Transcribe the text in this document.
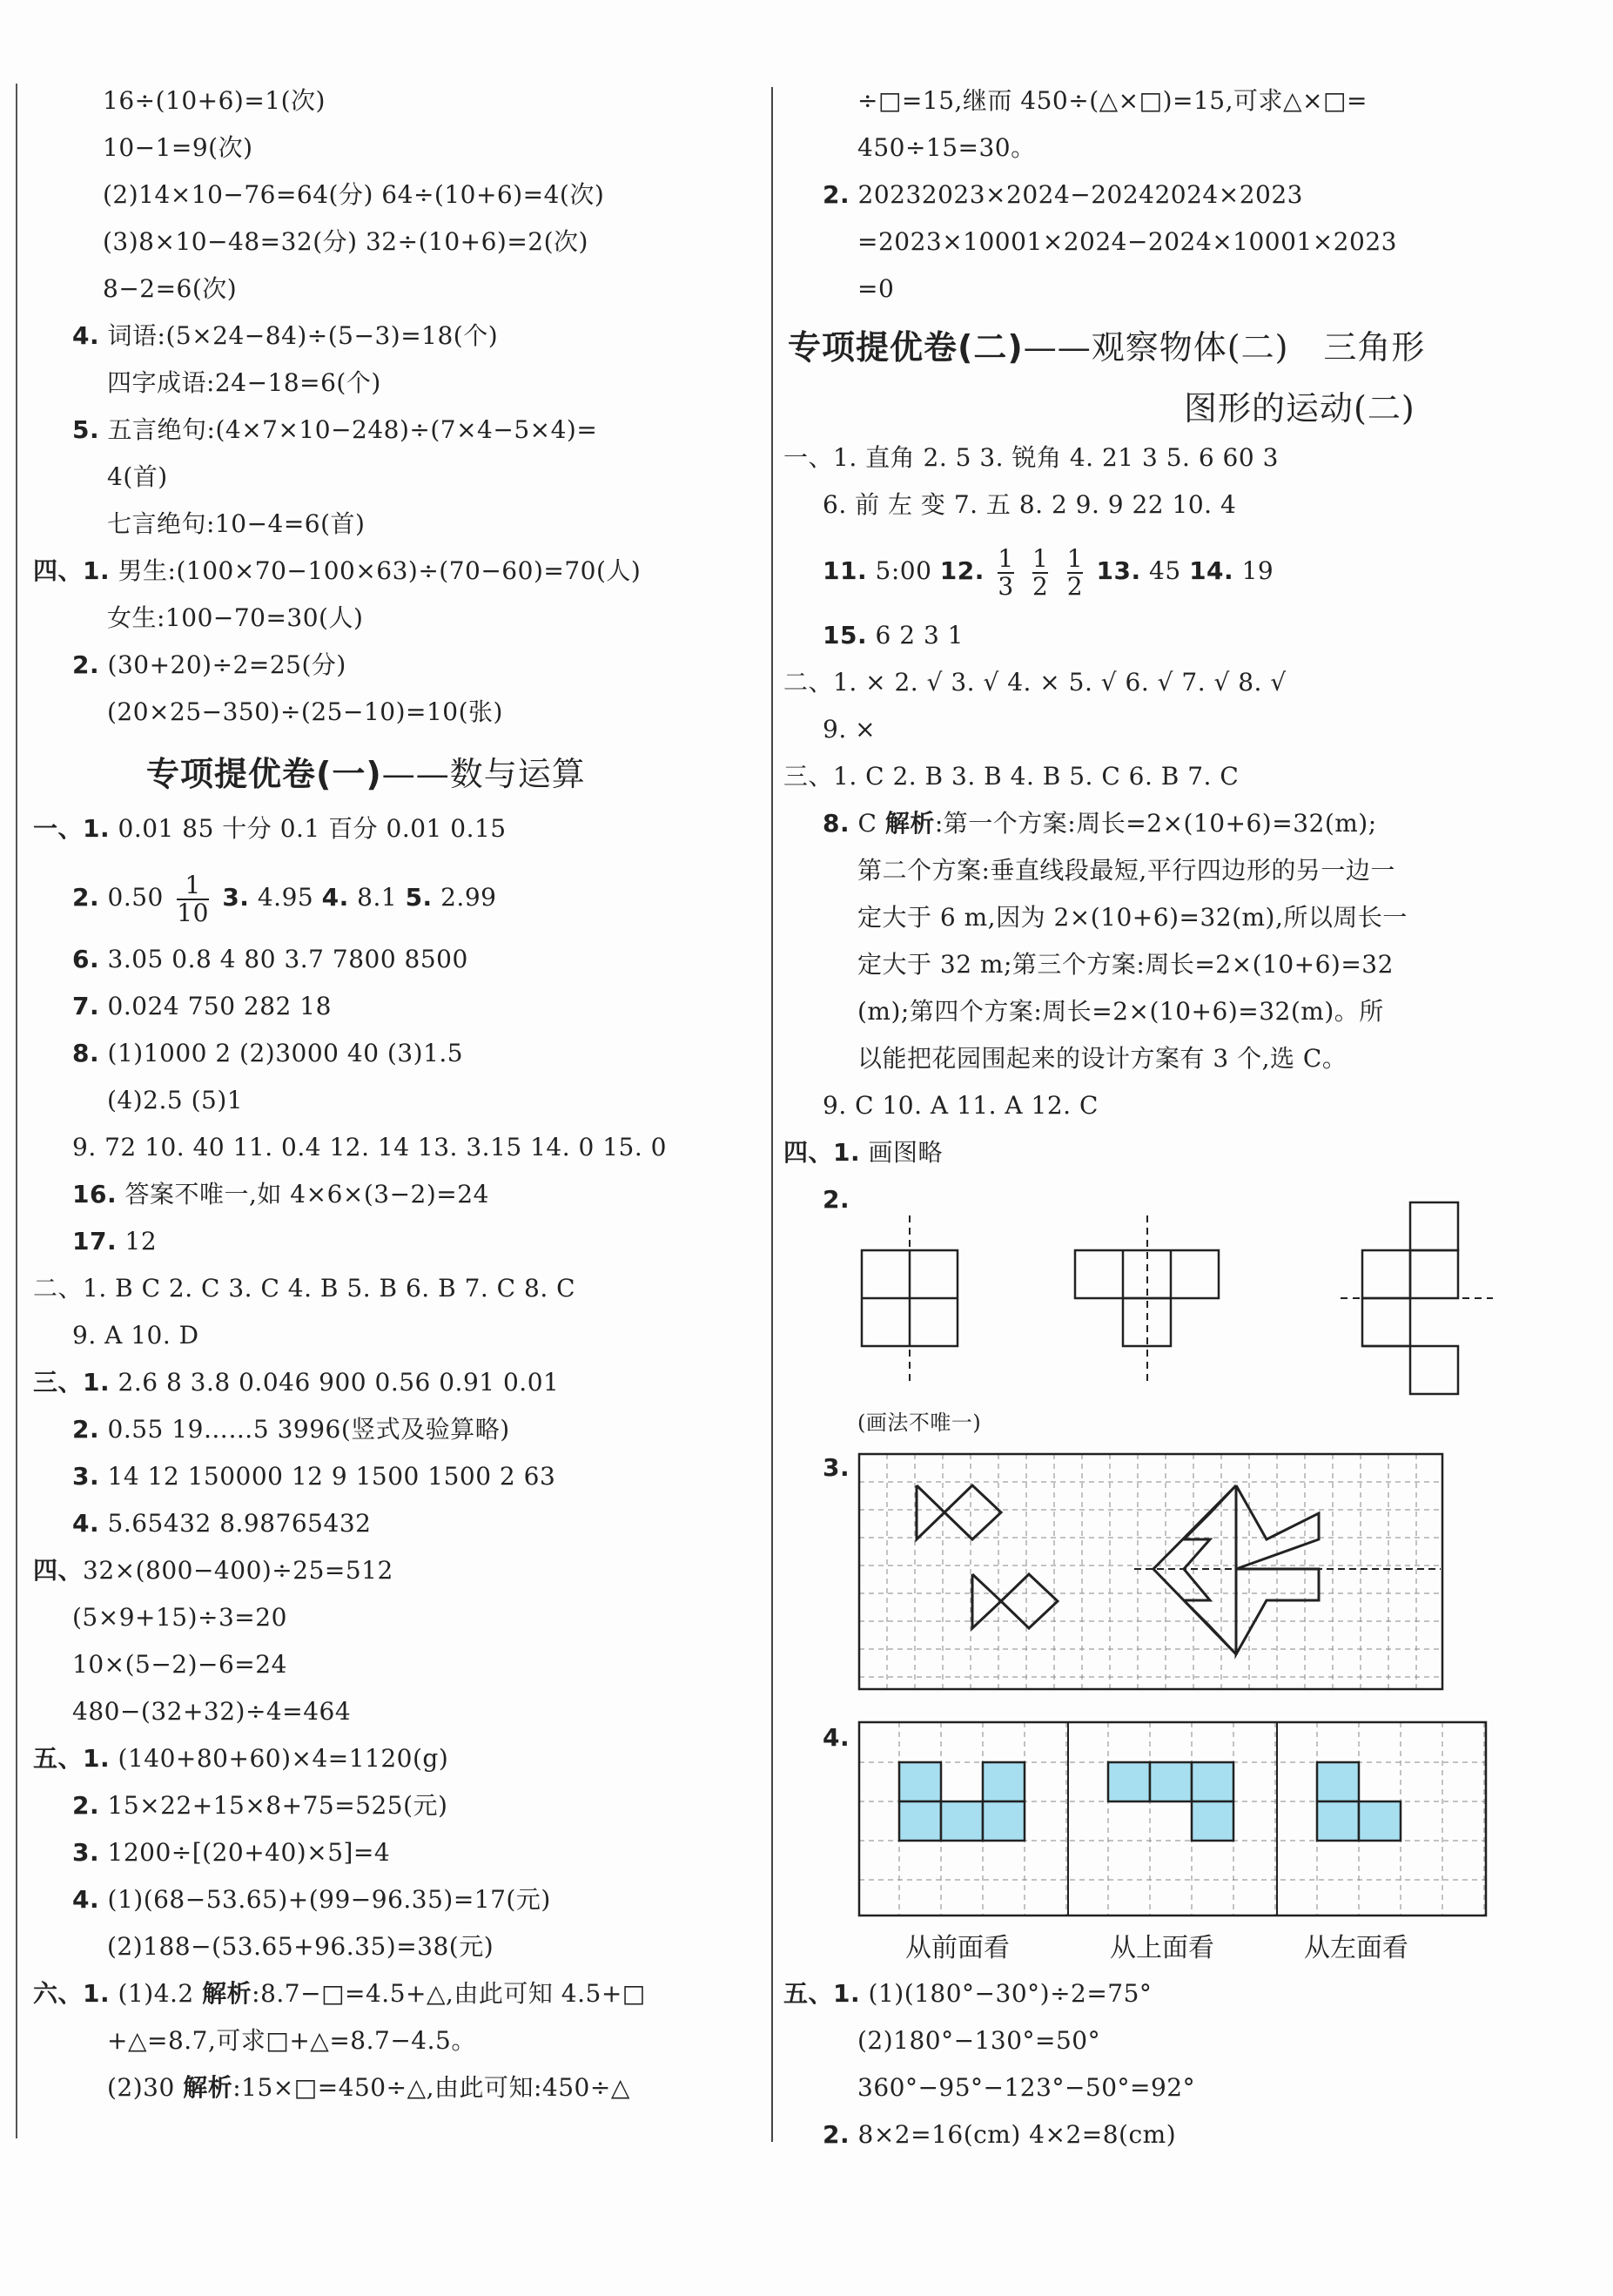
16÷(10+6)=1(次)
10−1=9(次)
(2)14×10−76=64(分) 64÷(10+6)=4(次)
(3)8×10−48=32(分) 32÷(10+6)=2(次)
8−2=6(次)
4. 词语:(5×24−84)÷(5−3)=18(个)
四字成语:24−18=6(个)
5. 五言绝句:(4×7×10−248)÷(7×4−5×4)=
4(首)
七言绝句:10−4=6(首)
四、1. 男生:(100×70−100×63)÷(70−60)=70(人)
女生:100−70=30(人)
2. (30+20)÷2=25(分)
(20×25−350)÷(25−10)=10(张)
专项提优卷(一)——数与运算
一、1. 0.01 85 十分 0.1 百分 0.01 0.15
2. $0.50 \frac{1}{10} 3$. 4.95 4. 8.1 5. 2.99
6. 3.05 0.8 4 80 3.7 7800 8500
7. 0.024 750 282 18
8. (1)1000 2 (2)3000 40 (3)1.5
(4)2.5 (5)1
9. 72 10. 40 11. 0.4 12. 14 13. 3.15 14. 0 15. 0
16. 答案不唯一,如 4×6×(3−2)=24
17. 12
二、1. B C 2. C 3. C 4. B 5. B 6. B 7. C 8. C
9. A 10. D
三、1. 2.6 8 3.8 0.046 900 0.56 0.91 0.01
2. 0.55 19……5 3996(竖式及验算略)
3. 14 12 150000 12 9 1500 1500 2 63
4. 5.65432 8.98765432
四、32×(800−400)÷25=512
(5×9+15)÷3=20
10×(5−2)−6=24
480−(32+32)÷4=464
五、1. (140+80+60)×4=1120(g)
2. 15×22+15×8+75=525(元)
3. 1200÷[(20+40)×5]=4
4. (1)(68−53.65)+(99−96.35)=17(元)
(2)188−(53.65+96.35)=38(元)
六、1. (1)4.2 解析:8.7−□=4.5+△,由此可知 4.5+□
+△=8.7,可求□+△=8.7−4.5。
(2)30 解析:15×□=450÷△,由此可知:450÷△
÷□=15,继而 450÷(△×□)=15,可求△×□=
450÷15=30。
2. 20232023×2024−20242024×2023
=2023×10001×2024−2024×10001×2023
=0
专项提优卷(二)——观察物体(二) 三角形
图形的运动(二)
一、1. 直角 2. 5 3. 锐角 4. 21 3 5. 6 60 3
6. 前 左 变 7. 五 8. 2 9. 9 22 10. 4
11. 5:00 12. $\frac{1}{3}$
$\frac{1}{2}$
$\frac{1}{2} 13$. 45 14. 19
15. 6 2 3 1
二、1. × 2. √ 3. √ 4. × 5. √ 6. √ 7. √ 8. √
9. ×
三、1. C 2. B 3. B 4. B 5. C 6. B 7. C
8. C 解析:第一个方案:周长=2×(10+6)=32(m);
第二个方案:垂直线段最短,平行四边形的另一边一
定大于 6 m,因为 2×(10+6)=32(m),所以周长一
定大于 32 m;第三个方案:周长=2×(10+6)=32
(m);第四个方案:周长=2×(10+6)=32(m)。所
以能把花园围起来的设计方案有 3 个,选 C。
9. C 10. A 11. A 12. C
四、1. 画图略
2.
(画法不唯一)
3.
4.
从前面看	从上面看	从左面看
五、1. (1)(180°−30°)÷2=75°
(2)180°−130°=50°
360°−95°−123°−50°=92°
2. 8×2=16(cm) 4×2=8(cm)
